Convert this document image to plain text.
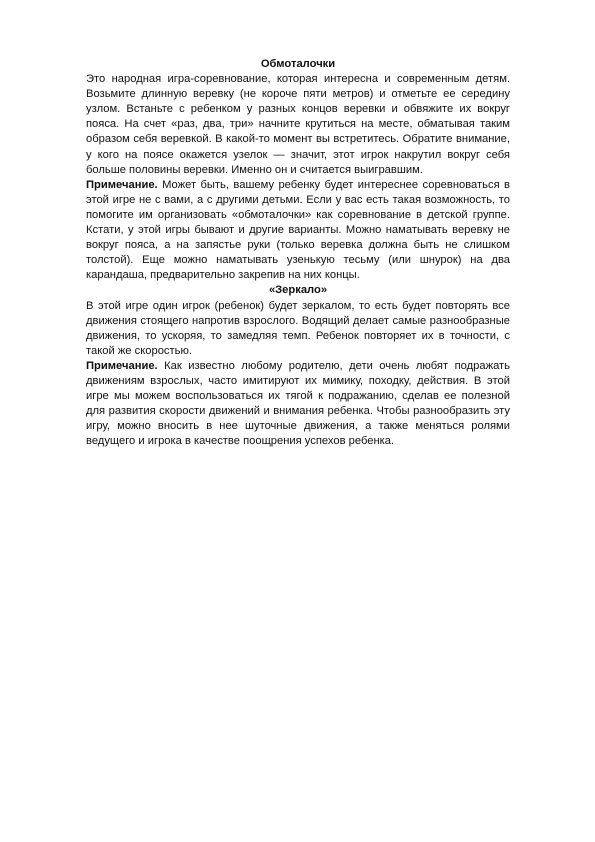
Обмоталочки

Это народная игра-соревнование, которая интересна и современным детям. Возьмите длинную веревку (не короче пяти метров) и отметьте ее середину узлом. Встаньте с ребенком у разных концов веревки и обвяжите их вокруг пояса. На счет «раз, два, три» начните крутиться на месте, обматывая таким образом себя веревкой. В какой-то момент вы встретитесь. Обратите внимание, у кого на поясе окажется узелок — значит, этот игрок накрутил вокруг себя больше половины веревки. Именно он и считается выигравшим.

Примечание. Может быть, вашему ребенку будет интереснее соревноваться в этой игре не с вами, а с другими детьми. Если у вас есть такая возможность, то помогите им организовать «обмоталочки» как соревнование в детской группе. Кстати, у этой игры бывают и другие варианты. Можно наматывать веревку не вокруг пояса, а на запястье руки (только веревка должна быть не слишком толстой). Еще можно наматывать узенькую тесьму (или шнурок) на два карандаша, предварительно закрепив на них концы.

«Зеркало»

В этой игре один игрок (ребенок) будет зеркалом, то есть будет повторять все движения стоящего напротив взрослого. Водящий делает самые разнообразные движения, то ускоряя, то замедляя темп. Ребенок повторяет их в точности, с такой же скоростью.

Примечание. Как известно любому родителю, дети очень любят подражать движениям взрослых, часто имитируют их мимику, походку, действия. В этой игре мы можем воспользоваться их тягой к подражанию, сделав ее полезной для развития скорости движений и внимания ребенка. Чтобы разнообразить эту игру, можно вносить в нее шуточные движения, а также меняться ролями ведущего и игрока в качестве поощрения успехов ребенка.
